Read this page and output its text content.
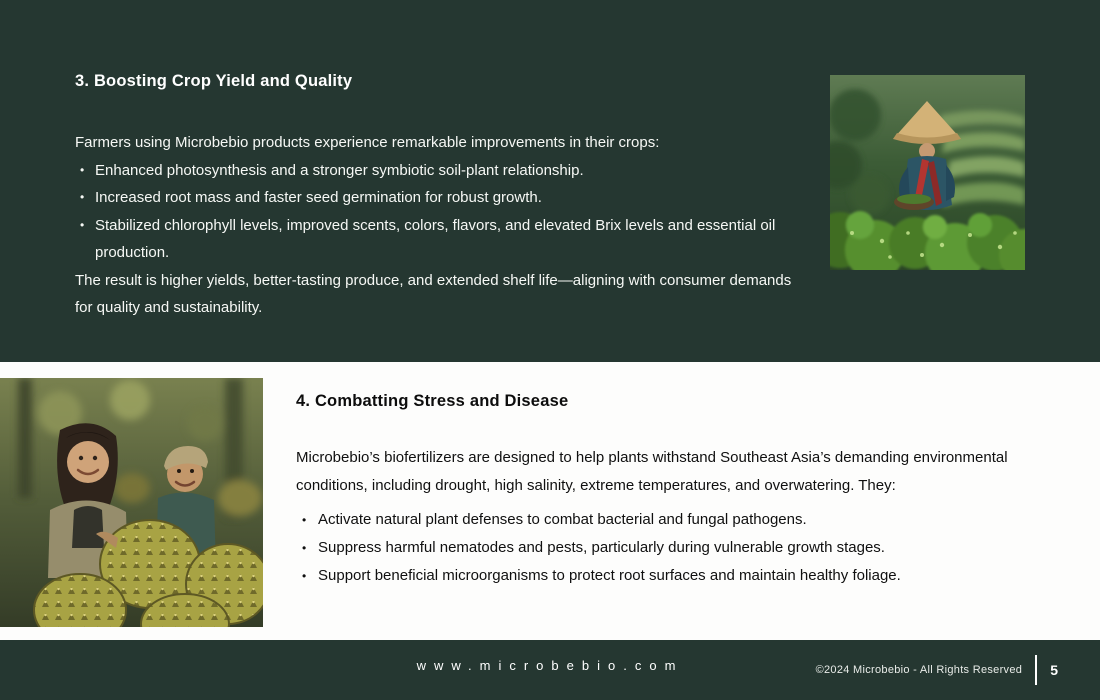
3. Boosting Crop Yield and Quality

Farmers using Microbebio products experience remarkable improvements in their crops:

• Enhanced photosynthesis and a stronger symbiotic soil-plant relationship.
• Increased root mass and faster seed germination for robust growth.
• Stabilized chlorophyll levels, improved scents, colors, flavors, and elevated Brix levels and essential oil production.

The result is higher yields, better-tasting produce, and extended shelf life—aligning with consumer demands for quality and sustainability.

4. Combatting Stress and Disease

Microbebio’s biofertilizers are designed to help plants withstand Southeast Asia’s demanding environmental conditions, including drought, high salinity, extreme temperatures, and overwatering. They:

• Activate natural plant defenses to combat bacterial and fungal pathogens.
• Suppress harmful nematodes and pests, particularly during vulnerable growth stages.
• Support beneficial microorganisms to protect root surfaces and maintain healthy foliage.
www.microbebio.com	©2024 Microbebio - All Rights Reserved 5
